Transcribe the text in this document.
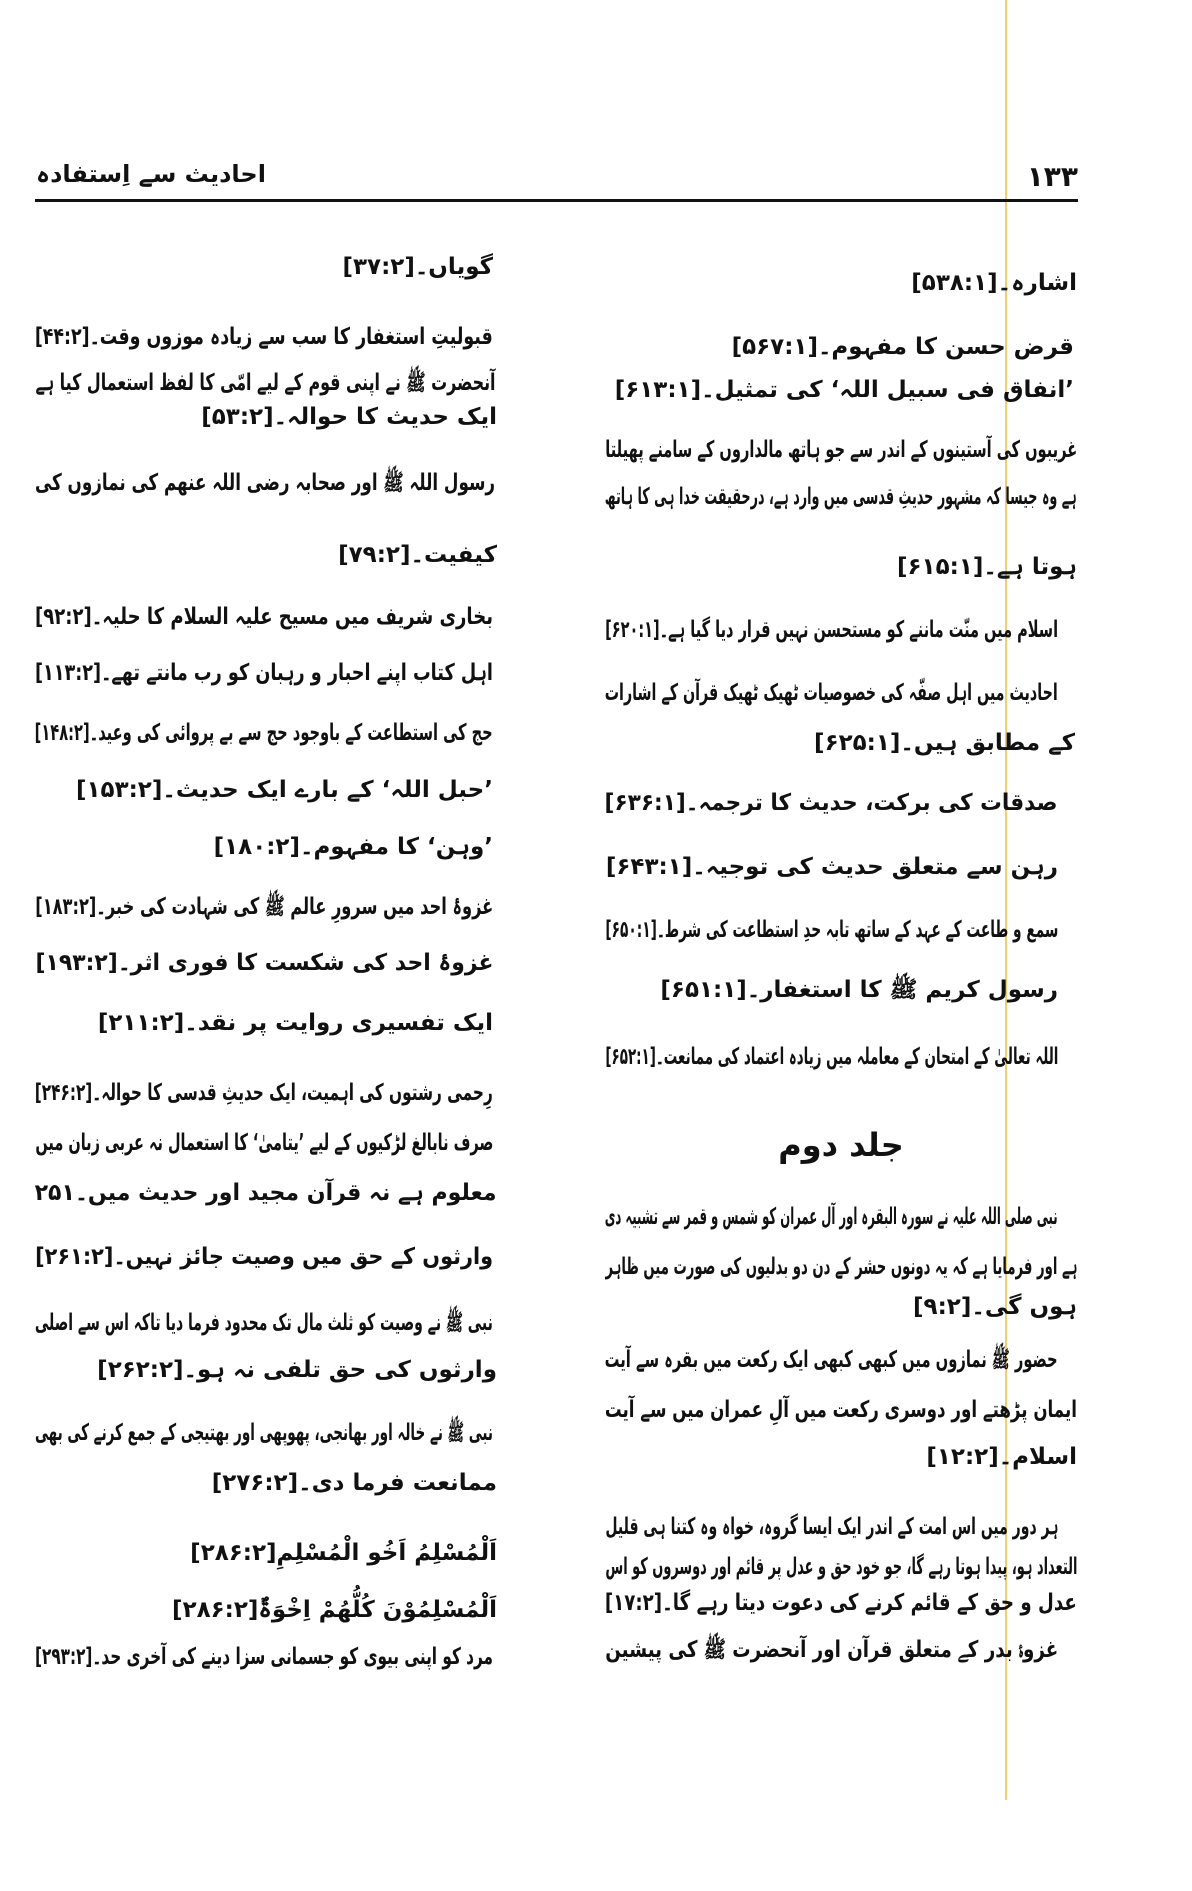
احادیث سے اِستفادہ	۱۳۳
گویاں۔[۳۷:۲]
قبولیتِ استغفار کا سب سے زیادہ موزوں وقت۔[۴۴:۲]
آنحضرت ﷺ نے اپنی قوم کے لیے امّی کا لفظ استعمال کیا ہے
ایک حدیث کا حوالہ۔[۵۳:۲]
رسول اللہ ﷺ اور صحابہ رضی اللہ عنھم کی نمازوں کی
کیفیت۔[۷۹:۲]
بخاری شریف میں مسیح علیہ السلام کا حلیہ۔[۹۲:۲]
اہل کتاب اپنے احبار و رہبان کو رب مانتے تھے۔[۱۱۳:۲]
حج کی استطاعت کے باوجود حج سے بے پروائی کی وعید۔[۱۴۸:۲]
’حبل اللہ‘ کے بارے ایک حدیث۔[۱۵۳:۲]
’وہن‘ کا مفہوم۔[۱۸۰:۲]
غزوۂ احد میں سرورِ عالم ﷺ کی شہادت کی خبر۔[۱۸۳:۲]
غزوۂ احد کی شکست کا فوری اثر۔[۱۹۳:۲]
ایک تفسیری روایت پر نقد۔[۲۱۱:۲]
رِحمی رشتوں کی اہمیت، ایک حدیثِ قدسی کا حوالہ۔[۲۴۶:۲]
صرف نابالغ لڑکیوں کے لیے ’یتامیٰ‘ کا استعمال نہ عربی زبان میں
معلوم ہے نہ قرآن مجید اور حدیث میں۔۲۵۱
وارثوں کے حق میں وصیت جائز نہیں۔[۲۶۱:۲]
نبی ﷺ نے وصیت کو ثلث مال تک محدود فرما دیا تاکہ اس سے اصلی
وارثوں کی حق تلفی نہ ہو۔[۲۶۲:۲]
نبی ﷺ نے خالہ اور بھانجی، پھوپھی اور بھتیجی کے جمع کرنے کی بھی
ممانعت فرما دی۔[۲۷۶:۲]
اَلْمُسْلِمُ اَخُو الْمُسْلِمِ[۲۸۶:۲]
اَلْمُسْلِمُوْنَ کُلُّھُمْ اِخْوَۃٌ[۲۸۶:۲]
مرد کو اپنی بیوی کو جسمانی سزا دینے کی آخری حد۔[۲۹۳:۲]
اشارہ۔[۵۳۸:۱]
قرض حسن کا مفہوم۔[۵۶۷:۱]
’انفاق فی سبیل اللہ‘ کی تمثیل۔[۶۱۳:۱]
غریبوں کی آستینوں کے اندر سے جو ہاتھ مالداروں کے سامنے پھیلتا
ہے وہ جیسا کہ مشہور حدیثِ قدسی میں وارد ہے، درحقیقت خدا ہی کا ہاتھ
ہوتا ہے۔[۶۱۵:۱]
اسلام میں منّت ماننے کو مستحسن نہیں قرار دیا گیا ہے۔[۶۲۰:۱]
احادیث میں اہل صفّہ کی خصوصیات ٹھیک ٹھیک قرآن کے اشارات
کے مطابق ہیں۔[۶۲۵:۱]
صدقات کی برکت، حدیث کا ترجمہ۔[۶۳۶:۱]
رہن سے متعلق حدیث کی توجیہ۔[۶۴۳:۱]
سمع و طاعت کے عہد کے ساتھ تابہ حدِ استطاعت کی شرط۔[۶۵۰:۱]
رسول کریم ﷺ کا استغفار۔[۶۵۱:۱]
اللہ تعالیٰ کے امتحان کے معاملہ میں زیادہ اعتماد کی ممانعت۔[۶۵۲:۱]
جلد دوم
نبی صلی اللہ علیہ نے سورہ البقرہ اور آل عمران کو شمس و قمر سے تشبیہ دی
ہے اور فرمایا ہے کہ یہ دونوں حشر کے دن دو بدلیوں کی صورت میں ظاہر
ہوں گی۔[۹:۲]
حضور ﷺ نمازوں میں کبھی کبھی ایک رکعت میں بقرہ سے آیت
ایمان پڑھتے اور دوسری رکعت میں آلِ عمران میں سے آیت
اسلام۔[۱۲:۲]
ہر دور میں اس امت کے اندر ایک ایسا گروہ، خواہ وہ کتنا ہی قلیل
التعداد ہو، پیدا ہوتا رہے گا، جو خود حق و عدل پر قائم اور دوسروں کو اس
عدل و حق کے قائم کرنے کی دعوت دیتا رہے گا۔[۱۷:۲]
غزوۂ بدر کے متعلق قرآن اور آنحضرت ﷺ کی پیشین
